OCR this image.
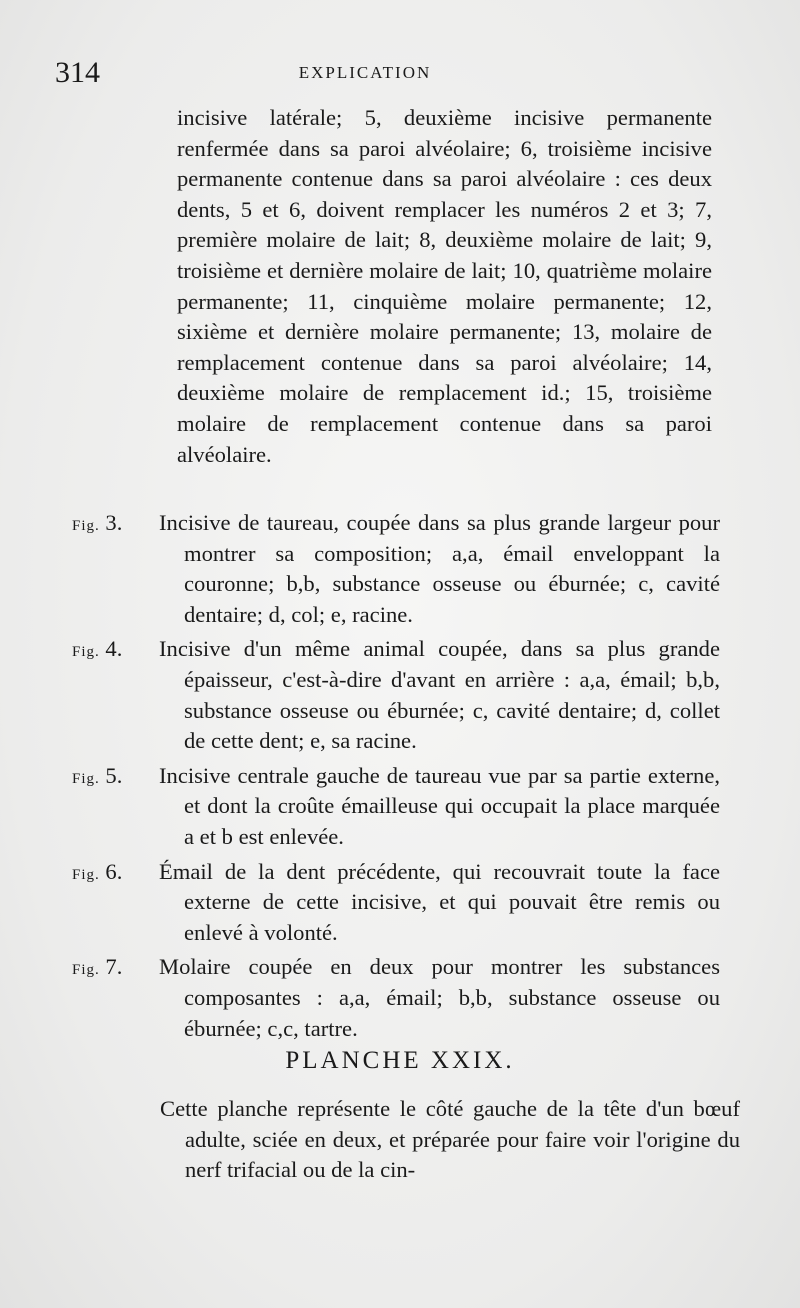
314	EXPLICATION

incisive latérale; 5, deuxième incisive permanente renfermée dans sa paroi alvéolaire; 6, troisième incisive permanente contenue dans sa paroi alvéolaire : ces deux dents, 5 et 6, doivent remplacer les numéros 2 et 3; 7, première molaire de lait; 8, deuxième molaire de lait; 9, troisième et dernière molaire de lait; 10, quatrième molaire permanente; 11, cinquième molaire permanente; 12, sixième et dernière molaire permanente; 13, molaire de remplacement contenue dans sa paroi alvéolaire; 14, deuxième molaire de remplacement id.; 15, troisième molaire de remplacement contenue dans sa paroi alvéolaire.

Fig. 3.	Incisive de taureau, coupée dans sa plus grande largeur pour montrer sa composition; a,a, émail enveloppant la couronne; b,b, substance osseuse ou éburnée; c, cavité dentaire; d, col; e, racine.
Fig. 4.	Incisive d'un même animal coupée, dans sa plus grande épaisseur, c'est-à-dire d'avant en arrière : a,a, émail; b,b, substance osseuse ou éburnée; c, cavité dentaire; d, collet de cette dent; e, sa racine.
Fig. 5.	Incisive centrale gauche de taureau vue par sa partie externe, et dont la croûte émailleuse qui occupait la place marquée a et b est enlevée.
Fig. 6.	Émail de la dent précédente, qui recouvrait toute la face externe de cette incisive, et qui pouvait être remis ou enlevé à volonté.
Fig. 7.	Molaire coupée en deux pour montrer les substances composantes : a,a, émail; b,b, substance osseuse ou éburnée; c,c, tartre.
PLANCHE XXIX.

Cette planche représente le côté gauche de la tête d'un bœuf adulte, sciée en deux, et préparée pour faire voir l'origine du nerf trifacial ou de la cin-
